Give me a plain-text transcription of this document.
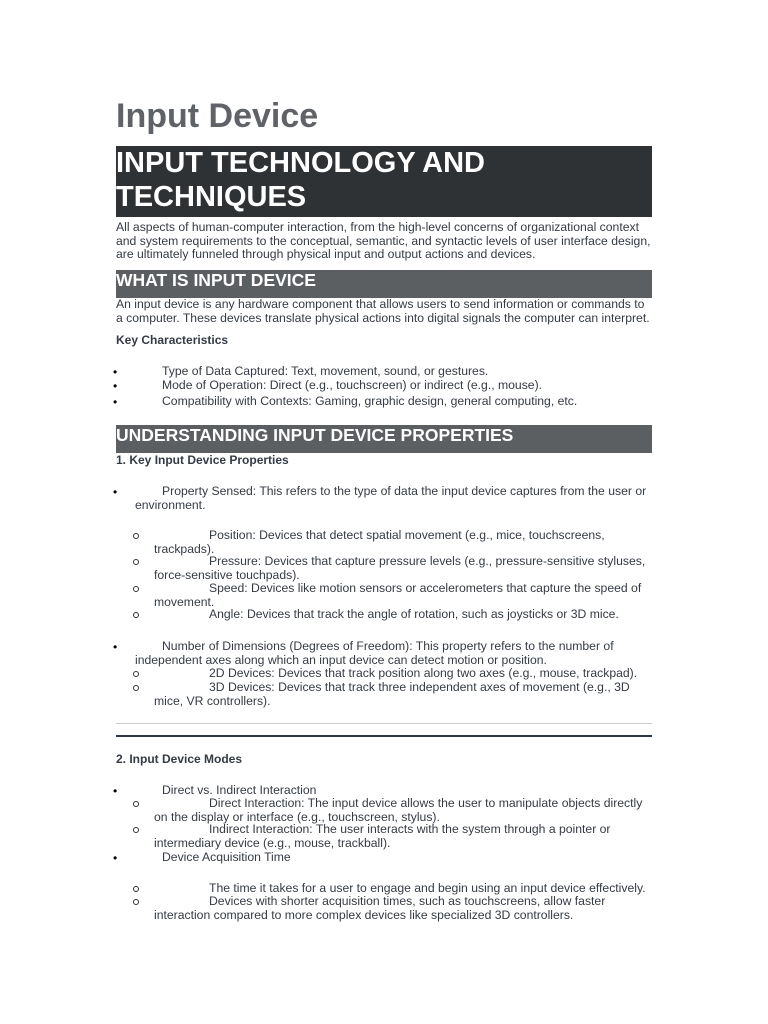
Input Device
INPUT TECHNOLOGY AND
TECHNIQUES
All aspects of human-computer interaction, from the high-level concerns of organizational context
and system requirements to the conceptual, semantic, and syntactic levels of user interface design,
are ultimately funneled through physical input and output actions and devices.
WHAT IS INPUT DEVICE
An input device is any hardware component that allows users to send information or commands to
a computer. These devices translate physical actions into digital signals the computer can interpret.
Key Characteristics
•	Type of Data Captured: Text, movement, sound, or gestures.
•	Mode of Operation: Direct (e.g., touchscreen) or indirect (e.g., mouse).
•	Compatibility with Contexts: Gaming, graphic design, general computing, etc.
UNDERSTANDING INPUT DEVICE PROPERTIES
1. Key Input Device Properties
•	Property Sensed: This refers to the type of data the input device captures from the user or
environment.
Position: Devices that detect spatial movement (e.g., mice, touchscreens,
trackpads).
Pressure: Devices that capture pressure levels (e.g., pressure-sensitive styluses,
force-sensitive touchpads).
Speed: Devices like motion sensors or accelerometers that capture the speed of
movement.
Angle: Devices that track the angle of rotation, such as joysticks or 3D mice.
•	Number of Dimensions (Degrees of Freedom): This property refers to the number of
independent axes along which an input device can detect motion or position.
2D Devices: Devices that track position along two axes (e.g., mouse, trackpad).
3D Devices: Devices that track three independent axes of movement (e.g., 3D
mice, VR controllers).
2. Input Device Modes
•	Direct vs. Indirect Interaction
Direct Interaction: The input device allows the user to manipulate objects directly
on the display or interface (e.g., touchscreen, stylus).
Indirect Interaction: The user interacts with the system through a pointer or
intermediary device (e.g., mouse, trackball).
•	Device Acquisition Time
The time it takes for a user to engage and begin using an input device effectively.
Devices with shorter acquisition times, such as touchscreens, allow faster
interaction compared to more complex devices like specialized 3D controllers.
